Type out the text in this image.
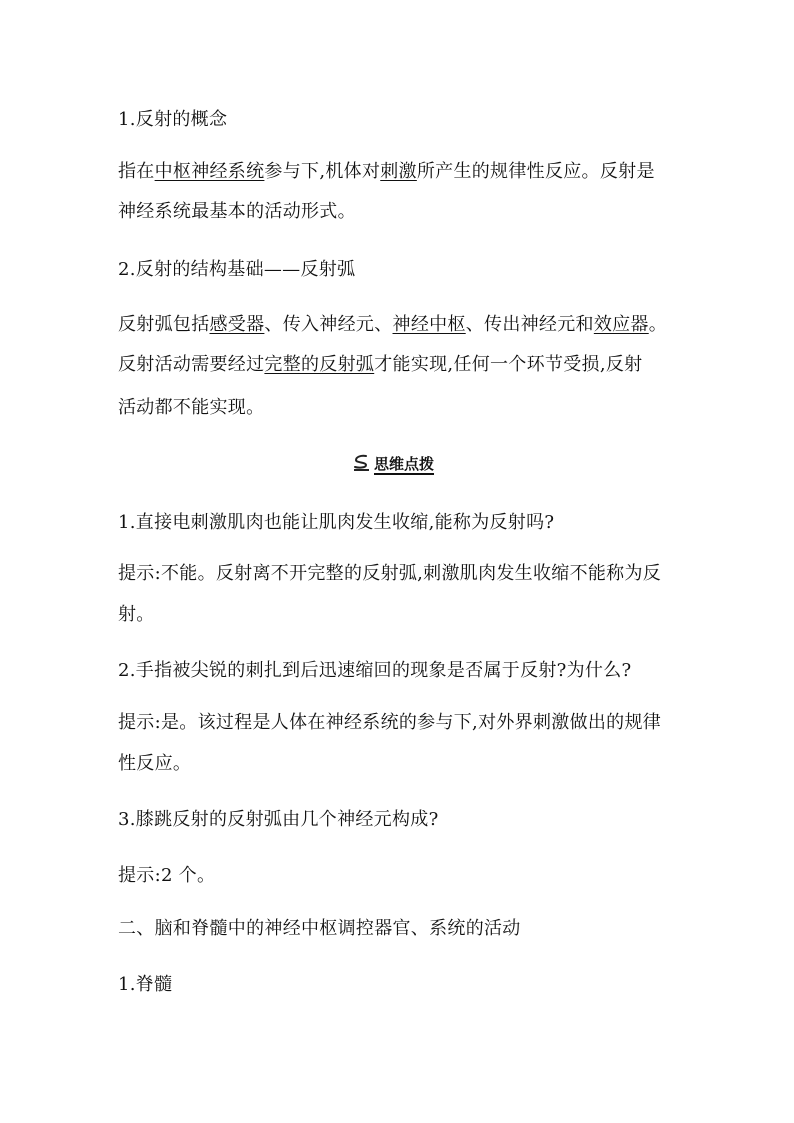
1.反射的概念
指在中枢神经系统参与下,机体对刺激所产生的规律性反应。反射是
神经系统最基本的活动形式。
2.反射的结构基础——反射弧
反射弧包括感受器、传入神经元、神经中枢、传出神经元和效应器。
反射活动需要经过完整的反射弧才能实现,任何一个环节受损,反射
活动都不能实现。
思维点拨
1.直接电刺激肌肉也能让肌肉发生收缩,能称为反射吗?
提示:不能。反射离不开完整的反射弧,刺激肌肉发生收缩不能称为反
射。
2.手指被尖锐的刺扎到后迅速缩回的现象是否属于反射?为什么?
提示:是。该过程是人体在神经系统的参与下,对外界刺激做出的规律
性反应。
3.膝跳反射的反射弧由几个神经元构成?
提示:2 个。
二、脑和脊髓中的神经中枢调控器官、系统的活动
1.脊髓
